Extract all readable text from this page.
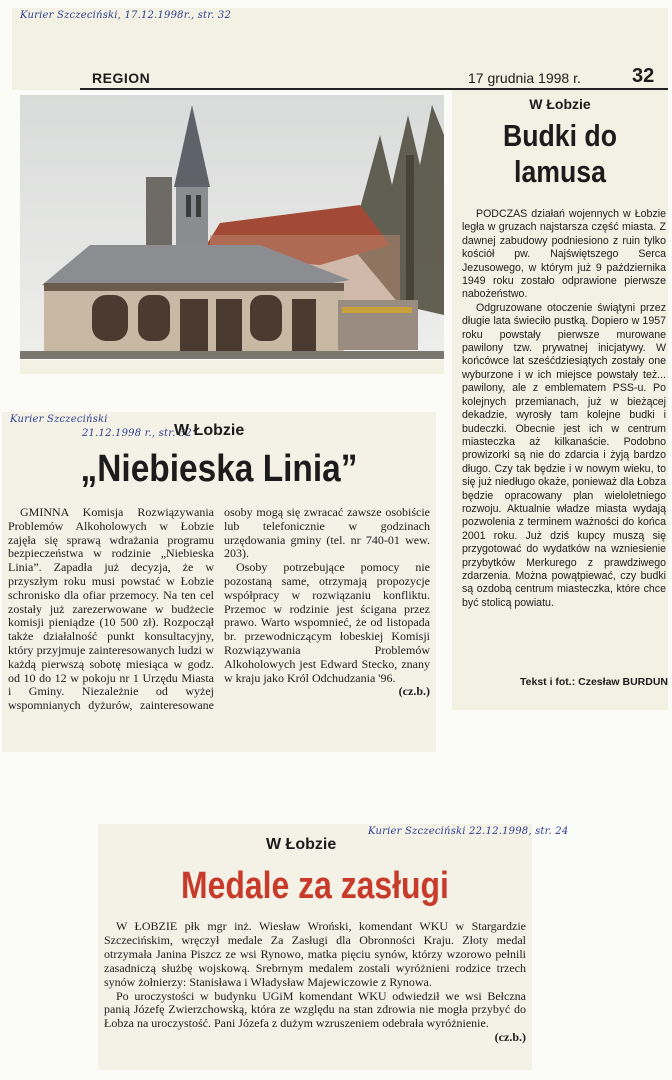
Kurier Szczeciński, 17.12.1998r., str. 32
REGION	17 grudnia 1998 r.	32
W Łobzie
Budki do
lamusa

PODCZAS działań wojennych w Łobzie legła w gruzach najstarsza część miasta. Z dawnej zabudowy podniesiono z ruin tylko kościół pw. Najświętszego Serca Jezusowego, w którym już 9 października 1949 roku zostało odprawione pierwsze nabożeństwo.

Odgruzowane otoczenie świątyni przez długie lata świeciło pustką. Dopiero w 1957 roku powstały pierwsze murowane pawilony tzw. prywatnej inicjatywy. W końcówce lat sześćdziesiątych zostały one wyburzone i w ich miejsce powstały też... pawilony, ale z emblematem PSS-u. Po kolejnych przemianach, już w bieżącej dekadzie, wyrosły tam kolejne budki i budeczki. Obecnie jest ich w centrum miasteczka aż kilkanaście. Podobno prowizorki są nie do zdarcia i żyją bardzo długo. Czy tak będzie i w nowym wieku, to się już niedługo okaże, ponieważ dla Łobza będzie opracowany plan wieloletniego rozwoju. Aktualnie władze miasta wydają pozwolenia z terminem ważności do końca 2001 roku. Już dziś kupcy muszą się przygotować do wydatków na wzniesienie przybytków Merkurego z prawdziwego zdarzenia. Można powątpiewać, czy budki są ozdobą centrum miasteczka, które chce być stolicą powiatu.

Tekst i fot.: Czesław BURDUN
Kurier Szczeciński
21.12.1998 r., str. 32
W Łobzie
„Niebieska Linia”

GMINNA Komisja Rozwiązywania Problemów Alkoholowych w Łobzie zajęła się sprawą wdrażania programu bezpieczeństwa w rodzinie „Niebieska Linia”. Zapadła już decyzja, że w przyszłym roku musi powstać w Łobzie schronisko dla ofiar przemocy. Na ten cel zostały już zarezerwowane w budżecie komisji pieniądze (10 500 zł). Rozpoczął także działalność punkt konsultacyjny, który przyjmuje zainteresowanych ludzi w każdą pierwszą sobotę miesiąca w godz. od 10 do 12 w pokoju nr 1 Urzędu Miasta i Gminy. Niezależnie od wyżej wspomnianych dyżurów, zainteresowane osoby mogą się zwracać zawsze osobiście lub telefonicznie w godzinach urzędowania gminy (tel. nr 740-01 wew. 203).

Osoby potrzebujące pomocy nie pozostaną same, otrzymają propozycje współpracy w rozwiązaniu konfliktu. Przemoc w rodzinie jest ścigana przez prawo. Warto wspomnieć, że od listopada br. przewodniczącym łobeskiej Komisji Rozwiązywania Problemów Alkoholowych jest Edward Stecko, znany w kraju jako Król Odchudzania '96.

(cz.b.)
Kurier Szczeciński 22.12.1998, str. 24
W Łobzie
Medale za zasługi

W ŁOBZIE płk mgr inż. Wiesław Wroński, komendant WKU w Stargardzie Szczecińskim, wręczył medale Za Zasługi dla Obronności Kraju. Złoty medal otrzymała Janina Piszcz ze wsi Rynowo, matka pięciu synów, którzy wzorowo pełnili zasadniczą służbę wojskową. Srebrnym medalem zostali wyróżnieni rodzice trzech synów żołnierzy: Stanisława i Władysław Majewiczowie z Rynowa.

Po uroczystości w budynku UGiM komendant WKU odwiedził we wsi Bełczna panią Józefę Zwierzchowską, która ze względu na stan zdrowia nie mogła przybyć do Łobza na uroczystość. Pani Józefa z dużym wzruszeniem odebrała wyróżnienie.

(cz.b.)
